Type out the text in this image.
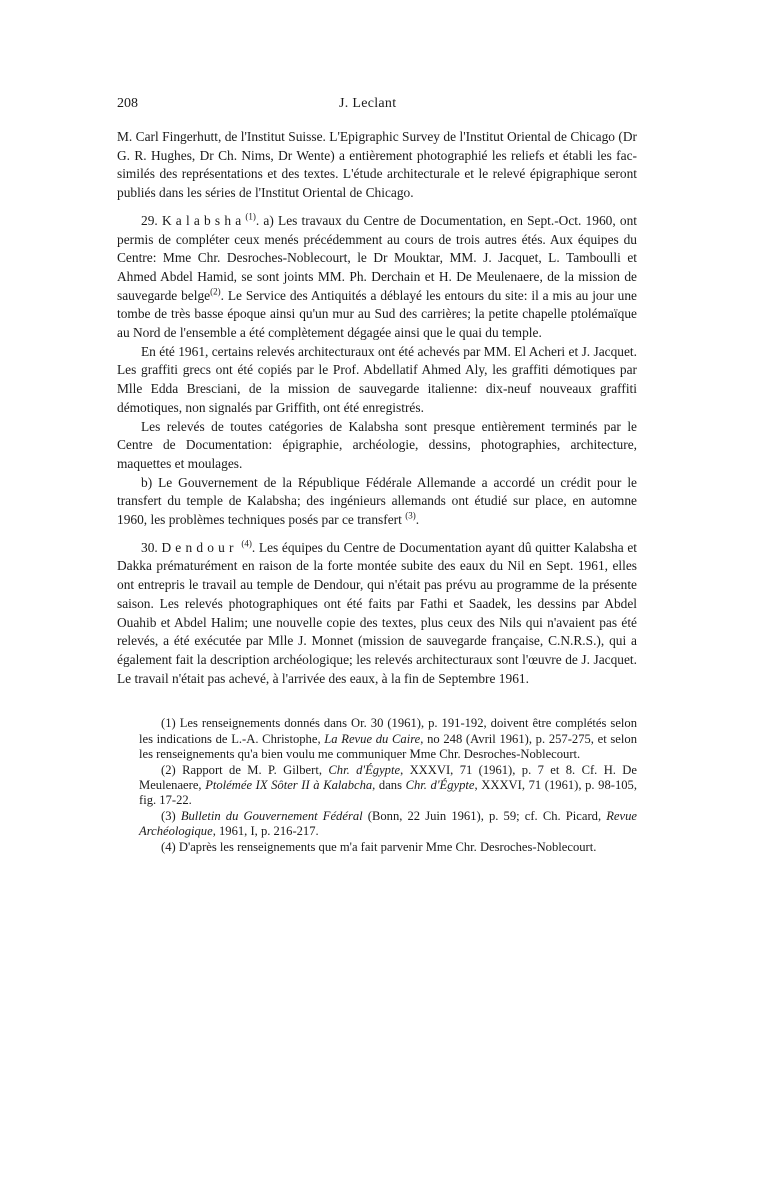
208	J. Leclant

M. Carl Fingerhutt, de l'Institut Suisse. L'Epigraphic Survey de l'Institut Oriental de Chicago (Dr G. R. Hughes, Dr Ch. Nims, Dr Wente) a entièrement photographié les reliefs et établi les fac-similés des représentations et des textes. L'étude architecturale et le relevé épigraphique seront publiés dans les séries de l'Institut Oriental de Chicago.

29. Kalabsha$^{(1)}$. a) Les travaux du Centre de Documentation, en Sept.-Oct. 1960, ont permis de compléter ceux menés précédemment au cours de trois autres étés. Aux équipes du Centre: Mme Chr. Desroches-Noblecourt, le Dr Mouktar, MM. J. Jacquet, L. Tamboulli et Ahmed Abdel Hamid, se sont joints MM. Ph. Derchain et H. De Meulenaere, de la mission de sauvegarde belge$^{(2)}$. Le Service des Antiquités a déblayé les entours du site: il a mis au jour une tombe de très basse époque ainsi qu'un mur au Sud des carrières; la petite chapelle ptolémaïque au Nord de l'ensemble a été complètement dégagée ainsi que le quai du temple.

En été 1961, certains relevés architecturaux ont été achevés par MM. El Acheri et J. Jacquet. Les graffiti grecs ont été copiés par le Prof. Abdellatif Ahmed Aly, les graffiti démotiques par Mlle Edda Bresciani, de la mission de sauvegarde italienne: dix-neuf nouveaux graffiti démotiques, non signalés par Griffith, ont été enregistrés.

Les relevés de toutes catégories de Kalabsha sont presque entièrement terminés par le Centre de Documentation: épigraphie, archéologie, dessins, photographies, architecture, maquettes et moulages.

b) Le Gouvernement de la République Fédérale Allemande a accordé un crédit pour le transfert du temple de Kalabsha; des ingénieurs allemands ont étudié sur place, en automne 1960, les problèmes techniques posés par ce transfert $^{(3)}$.

30. Dendour $^{(4)}$. Les équipes du Centre de Documentation ayant dû quitter Kalabsha et Dakka prématurément en raison de la forte montée subite des eaux du Nil en Sept. 1961, elles ont entrepris le travail au temple de Dendour, qui n'était pas prévu au programme de la présente saison. Les relevés photographiques ont été faits par Fathi et Saadek, les dessins par Abdel Ouahib et Abdel Halim; une nouvelle copie des textes, plus ceux des Nils qui n'avaient pas été relevés, a été exécutée par Mlle J. Monnet (mission de sauvegarde française, C.N.R.S.), qui a également fait la description archéologique; les relevés architecturaux sont l'œuvre de J. Jacquet. Le travail n'était pas achevé, à l'arrivée des eaux, à la fin de Septembre 1961.

(1) Les renseignements donnés dans Or. 30 (1961), p. 191-192, doivent être complétés selon les indications de L.-A. Christophe, La Revue du Caire, no 248 (Avril 1961), p. 257-275, et selon les renseignements qu'a bien voulu me communiquer Mme Chr. Desroches-Noblecourt.

(2) Rapport de M. P. Gilbert, Chr. d'Égypte, XXXVI, 71 (1961), p. 7 et 8. Cf. H. De Meulenaere, Ptolémée IX Sôter II à Kalabcha, dans Chr. d'Égypte, XXXVI, 71 (1961), p. 98-105, fig. 17-22.

(3) Bulletin du Gouvernement Fédéral (Bonn, 22 Juin 1961), p. 59; cf. Ch. Picard, Revue Archéologique, 1961, I, p. 216-217.

(4) D'après les renseignements que m'a fait parvenir Mme Chr. Desroches-Noblecourt.
